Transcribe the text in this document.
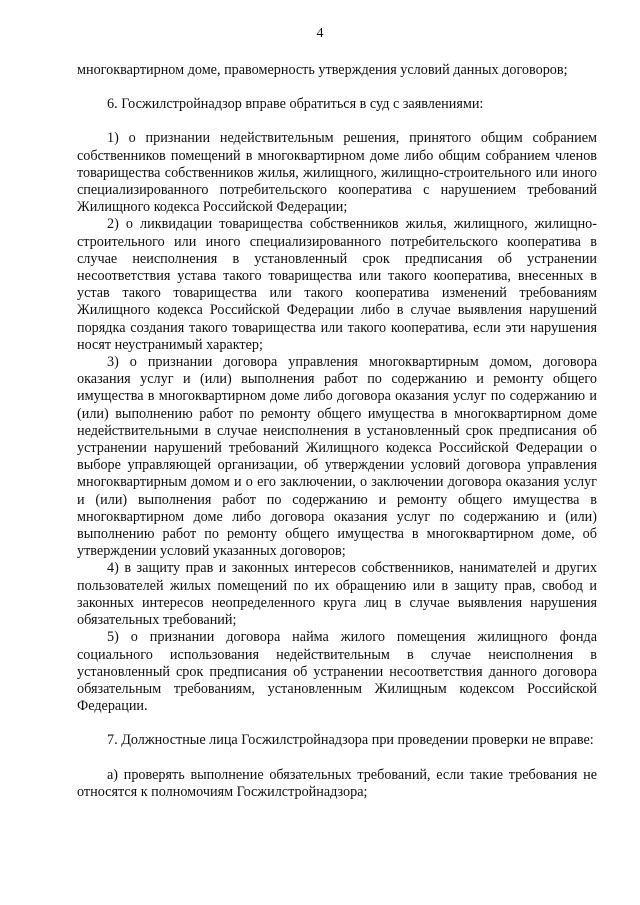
4

многоквартирном доме, правомерность утверждения условий данных договоров;

6. Госжилстройнадзор вправе обратиться в суд с заявлениями:

1) о признании недействительным решения, принятого общим собранием собственников помещений в многоквартирном доме либо общим собранием членов товарищества собственников жилья, жилищного, жилищно-строительного или иного специализированного потребительского кооператива с нарушением требований Жилищного кодекса Российской Федерации;

2) о ликвидации товарищества собственников жилья, жилищного, жилищно-строительного или иного специализированного потребительского кооператива в случае неисполнения в установленный срок предписания об устранении несоответствия устава такого товарищества или такого кооператива, внесенных в устав такого товарищества или такого кооператива изменений требованиям Жилищного кодекса Российской Федерации либо в случае выявления нарушений порядка создания такого товарищества или такого кооператива, если эти нарушения носят неустранимый характер;

3) о признании договора управления многоквартирным домом, договора оказания услуг и (или) выполнения работ по содержанию и ремонту общего имущества в многоквартирном доме либо договора оказания услуг по содержанию и (или) выполнению работ по ремонту общего имущества в многоквартирном доме недействительными в случае неисполнения в установленный срок предписания об устранении нарушений требований Жилищного кодекса Российской Федерации о выборе управляющей организации, об утверждении условий договора управления многоквартирным домом и о его заключении, о заключении договора оказания услуг и (или) выполнения работ по содержанию и ремонту общего имущества в многоквартирном доме либо договора оказания услуг по содержанию и (или) выполнению работ по ремонту общего имущества в многоквартирном доме, об утверждении условий указанных договоров;

4) в защиту прав и законных интересов собственников, нанимателей и других пользователей жилых помещений по их обращению или в защиту прав, свобод и законных интересов неопределенного круга лиц в случае выявления нарушения обязательных требований;

5) о признании договора найма жилого помещения жилищного фонда социального использования недействительным в случае неисполнения в установленный срок предписания об устранении несоответствия данного договора обязательным требованиям, установленным Жилищным кодексом Российской Федерации.

7. Должностные лица Госжилстройнадзора при проведении проверки не вправе:

а) проверять выполнение обязательных требований, если такие требования не относятся к полномочиям Госжилстройнадзора;
